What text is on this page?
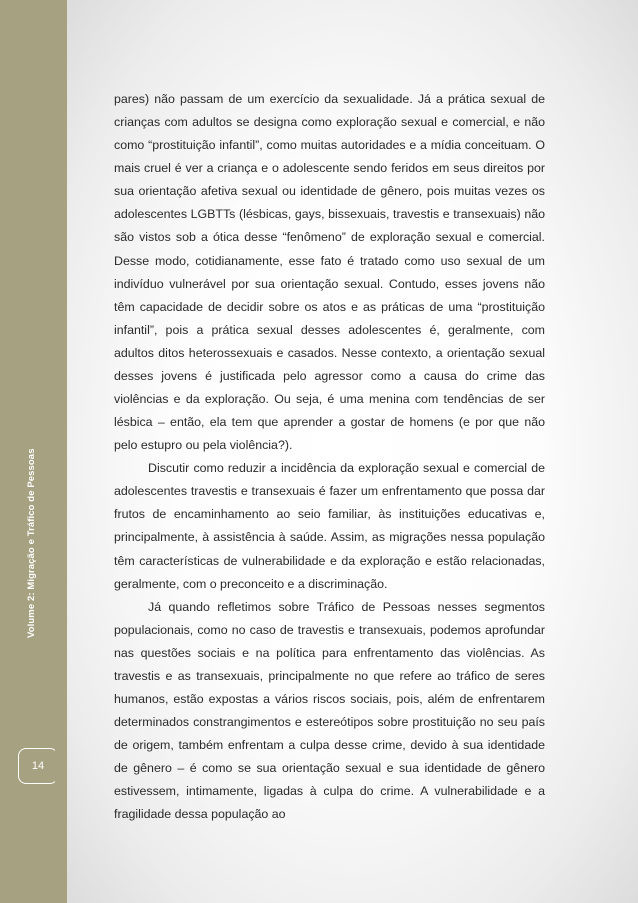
Volume 2: Migração e Tráfico de Pessoas
14

pares) não passam de um exercício da sexualidade. Já a prática sexual de crianças com adultos se designa como exploração sexual e comercial, e não como “prostituição infantil”, como muitas autoridades e a mídia conceituam. O mais cruel é ver a criança e o adolescente sendo feridos em seus direitos por sua orientação afetiva sexual ou identidade de gênero, pois muitas vezes os adolescentes LGBTTs (lésbicas, gays, bissexuais, travestis e transexuais) não são vistos sob a ótica desse “fenômeno” de exploração sexual e comercial. Desse modo, cotidianamente, esse fato é tratado como uso sexual de um indivíduo vulnerável por sua orientação sexual. Contudo, esses jovens não têm capacidade de decidir sobre os atos e as práticas de uma “prostituição infantil”, pois a prática sexual desses adolescentes é, geralmente, com adultos ditos heterossexuais e casados. Nesse contexto, a orientação sexual desses jovens é justificada pelo agressor como a causa do crime das violências e da exploração. Ou seja, é uma menina com tendências de ser lésbica – então, ela tem que aprender a gostar de homens (e por que não pelo estupro ou pela violência?).

Discutir como reduzir a incidência da exploração sexual e comercial de adolescentes travestis e transexuais é fazer um enfrentamento que possa dar frutos de encaminhamento ao seio familiar, às instituições educativas e, principalmente, à assistência à saúde. Assim, as migrações nessa população têm características de vulnerabilidade e da exploração e estão relacionadas, geralmente, com o preconceito e a discriminação.

Já quando refletimos sobre Tráfico de Pessoas nesses segmentos populacionais, como no caso de travestis e transexuais, podemos aprofundar nas questões sociais e na política para enfrentamento das violências. As travestis e as transexuais, principalmente no que refere ao tráfico de seres humanos, estão expostas a vários riscos sociais, pois, além de enfrentarem determinados constrangimentos e estereótipos sobre prostituição no seu país de origem, também enfrentam a culpa desse crime, devido à sua identidade de gênero – é como se sua orientação sexual e sua identidade de gênero estivessem, intimamente, ligadas à culpa do crime. A vulnerabilidade e a fragilidade dessa população ao
